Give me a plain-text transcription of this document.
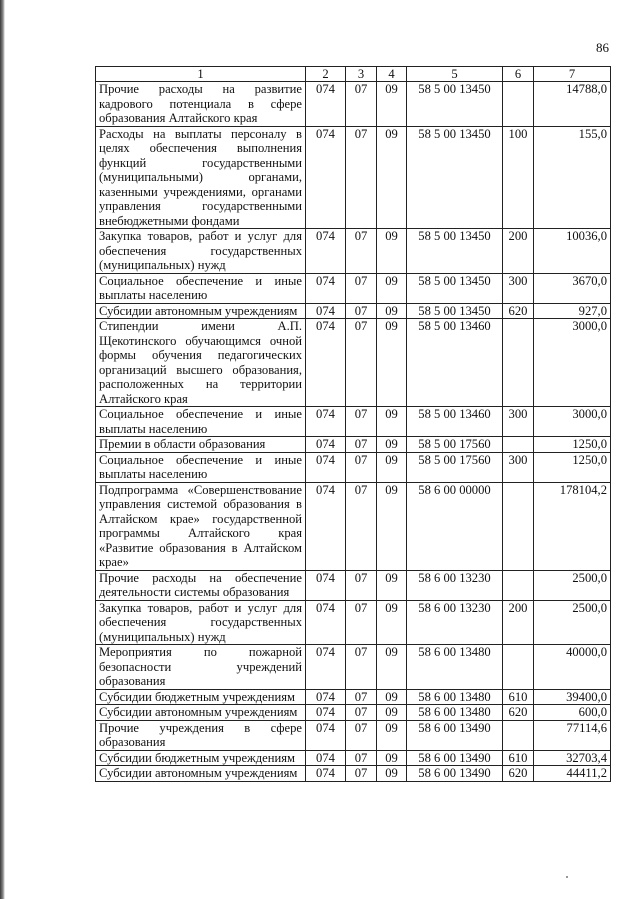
86
1	2	3	4	5	6	7
Прочие расходы на развитие кадрового потенциала в сфере образования Алтайского края	074	07	09	58 5 00 13450		14788,0
Расходы на выплаты персоналу в целях обеспечения выполнения функций государственными (муниципальными) органами, казенными учреждениями, органами управления государственными внебюджетными фондами	074	07	09	58 5 00 13450	100	155,0
Закупка товаров, работ и услуг для обеспечения государственных (муниципальных) нужд	074	07	09	58 5 00 13450	200	10036,0
Социальное обеспечение и иные выплаты населению	074	07	09	58 5 00 13450	300	3670,0
Субсидии автономным учреждениям	074	07	09	58 5 00 13450	620	927,0
Стипендии имени А.П. Щекотинского обучающимся очной формы обучения педагогических организаций высшего образования, расположенных на территории Алтайского края	074	07	09	58 5 00 13460		3000,0
Социальное обеспечение и иные выплаты населению	074	07	09	58 5 00 13460	300	3000,0
Премии в области образования	074	07	09	58 5 00 17560		1250,0
Социальное обеспечение и иные выплаты населению	074	07	09	58 5 00 17560	300	1250,0
Подпрограмма «Совершенствование управления системой образования в Алтайском крае» государственной программы Алтайского края «Развитие образования в Алтайском крае»	074	07	09	58 6 00 00000		178104,2
Прочие расходы на обеспечение деятельности системы образования	074	07	09	58 6 00 13230		2500,0
Закупка товаров, работ и услуг для обеспечения государственных (муниципальных) нужд	074	07	09	58 6 00 13230	200	2500,0
Мероприятия по пожарной безопасности учреждений образования	074	07	09	58 6 00 13480		40000,0
Субсидии бюджетным учреждениям	074	07	09	58 6 00 13480	610	39400,0
Субсидии автономным учреждениям	074	07	09	58 6 00 13480	620	600,0
Прочие учреждения в сфере образования	074	07	09	58 6 00 13490		77114,6
Субсидии бюджетным учреждениям	074	07	09	58 6 00 13490	610	32703,4
Субсидии автономным учреждениям	074	07	09	58 6 00 13490	620	44411,2
